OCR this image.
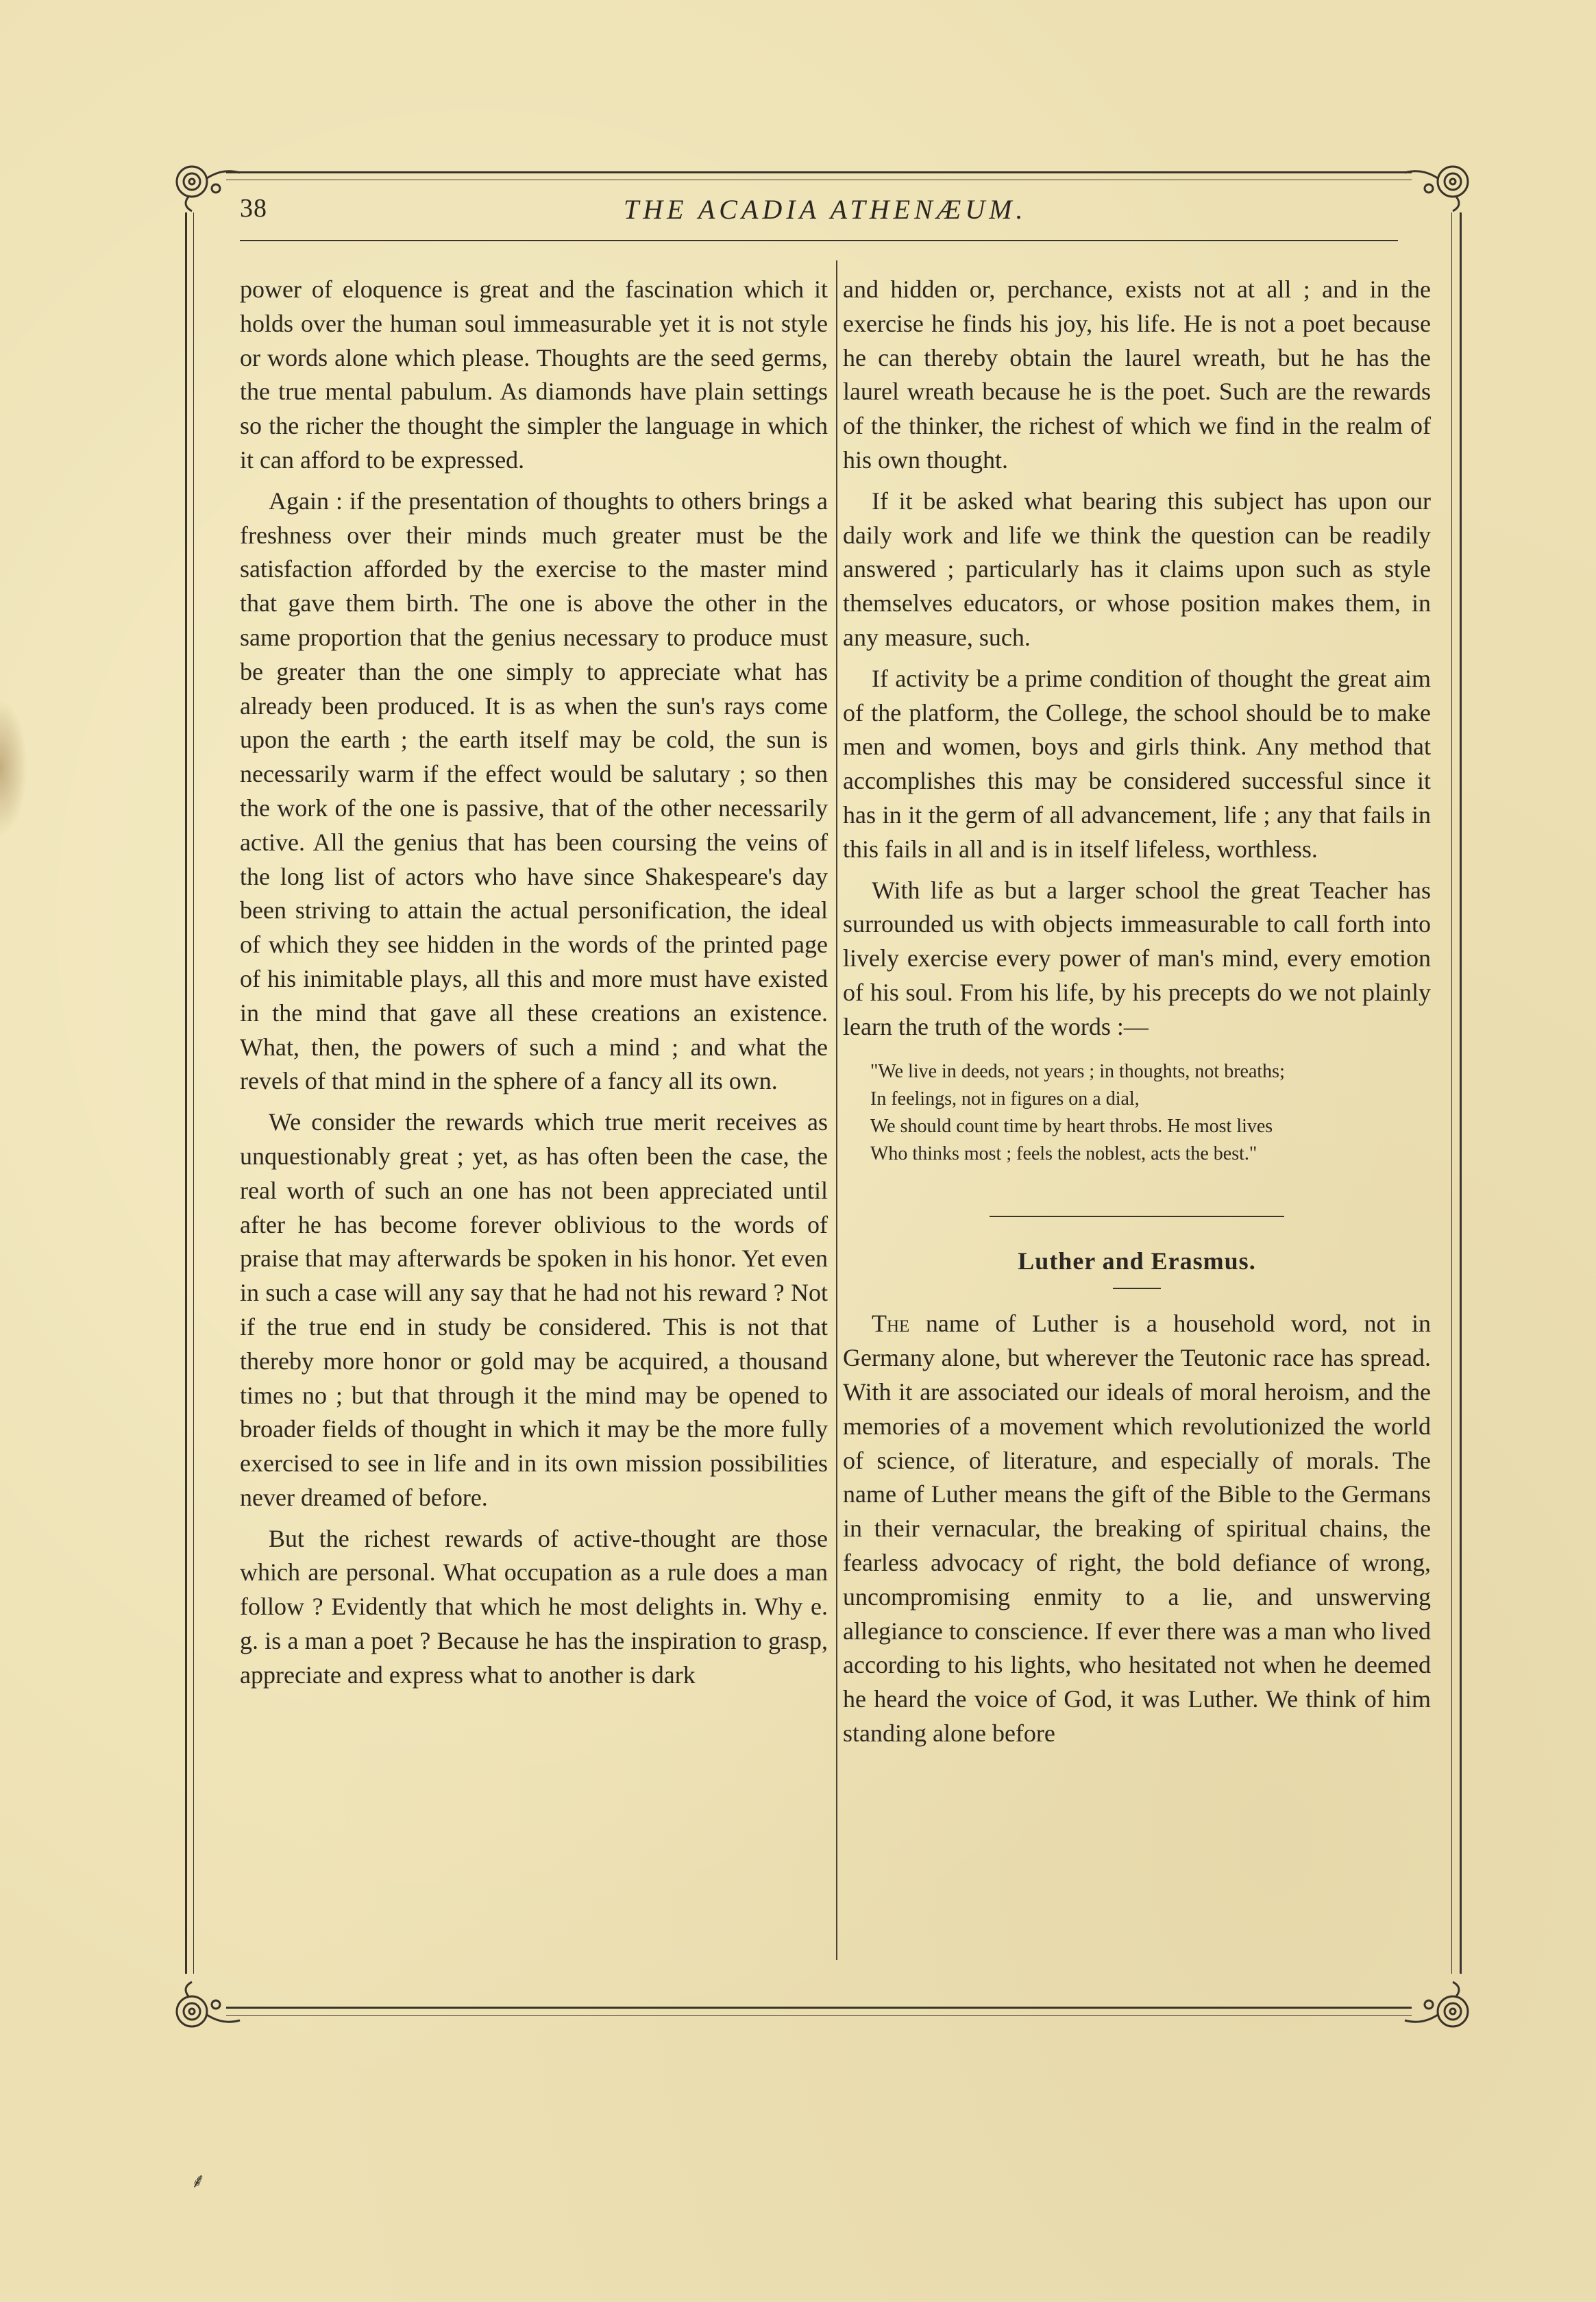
38	THE ACADIA ATHENÆUM.

power of eloquence is great and the fascination which it holds over the human soul immeasurable yet it is not style or words alone which please. Thoughts are the seed germs, the true mental pabulum. As diamonds have plain settings so the richer the thought the simpler the language in which it can afford to be expressed.

Again : if the presentation of thoughts to others brings a freshness over their minds much greater must be the satisfaction afforded by the exercise to the master mind that gave them birth. The one is above the other in the same proportion that the genius necessary to produce must be greater than the one simply to appreciate what has already been produced. It is as when the sun's rays come upon the earth ; the earth itself may be cold, the sun is necessarily warm if the effect would be salutary ; so then the work of the one is passive, that of the other necessarily active. All the genius that has been coursing the veins of the long list of actors who have since Shakespeare's day been striving to attain the actual personification, the ideal of which they see hidden in the words of the printed page of his inimitable plays, all this and more must have existed in the mind that gave all these creations an existence. What, then, the powers of such a mind ; and what the revels of that mind in the sphere of a fancy all its own.

We consider the rewards which true merit receives as unquestionably great ; yet, as has often been the case, the real worth of such an one has not been appreciated until after he has become forever oblivious to the words of praise that may afterwards be spoken in his honor. Yet even in such a case will any say that he had not his reward ? Not if the true end in study be considered. This is not that thereby more honor or gold may be acquired, a thousand times no ; but that through it the mind may be opened to broader fields of thought in which it may be the more fully exercised to see in life and in its own mission possibilities never dreamed of before.

But the richest rewards of active-thought are those which are personal. What occupation as a rule does a man follow ? Evidently that which he most delights in. Why e. g. is a man a poet ? Because he has the inspiration to grasp, appreciate and express what to another is dark

and hidden or, perchance, exists not at all ; and in the exercise he finds his joy, his life. He is not a poet because he can thereby obtain the laurel wreath, but he has the laurel wreath because he is the poet. Such are the rewards of the thinker, the richest of which we find in the realm of his own thought.

If it be asked what bearing this subject has upon our daily work and life we think the question can be readily answered ; particularly has it claims upon such as style themselves educators, or whose position makes them, in any measure, such.

If activity be a prime condition of thought the great aim of the platform, the College, the school should be to make men and women, boys and girls think. Any method that accomplishes this may be considered successful since it has in it the germ of all advancement, life ; any that fails in this fails in all and is in itself lifeless, worthless.

With life as but a larger school the great Teacher has surrounded us with objects immeasurable to call forth into lively exercise every power of man's mind, every emotion of his soul. From his life, by his precepts do we not plainly learn the truth of the words :—

"We live in deeds, not years ; in thoughts, not breaths;
In feelings, not in figures on a dial,
We should count time by heart throbs. He most lives
Who thinks most ; feels the noblest, acts the best."
Luther and Erasmus.

The name of Luther is a household word, not in Germany alone, but wherever the Teutonic race has spread. With it are associated our ideals of moral heroism, and the memories of a movement which revolutionized the world of science, of literature, and especially of morals. The name of Luther means the gift of the Bible to the Germans in their vernacular, the breaking of spiritual chains, the fearless advocacy of right, the bold defiance of wrong, uncompromising enmity to a lie, and unswerving allegiance to conscience. If ever there was a man who lived according to his lights, who hesitated not when he deemed he heard the voice of God, it was Luther. We think of him standing alone before

⸙
